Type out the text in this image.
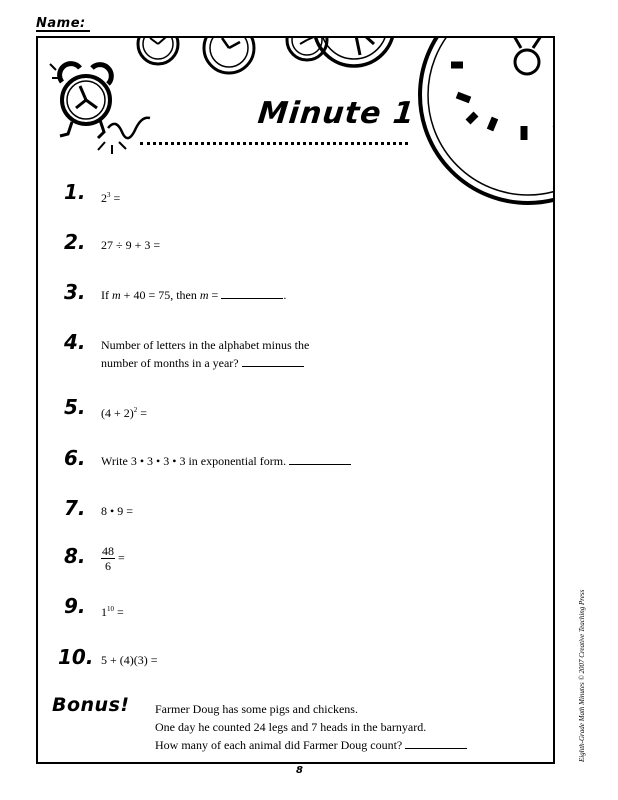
Name:
Minute 1
1.	$2^3$ =
2.	27 ÷ 9 + 3 =
3.	If m + 40 = 75, then m =	.
4.	Number of letters in the alphabet minus the
number of months in a year?
5.	$(4 + 2)^2$ =
6.	Write 3 • 3 • 3 • 3 in exponential form.
7.	8 • 9 =
8.	$\frac{48}{6}$ =
9.	$1^{10}$ =
10. 5 + (4)(3) =
Bonus! Farmer Doug has some pigs and chickens.
One day he counted 24 legs and 7 heads in the barnyard.
How many of each animal did Farmer Doug count?
8
Eighth-Grade Math Minutes © 2007 Creative Teaching Press
